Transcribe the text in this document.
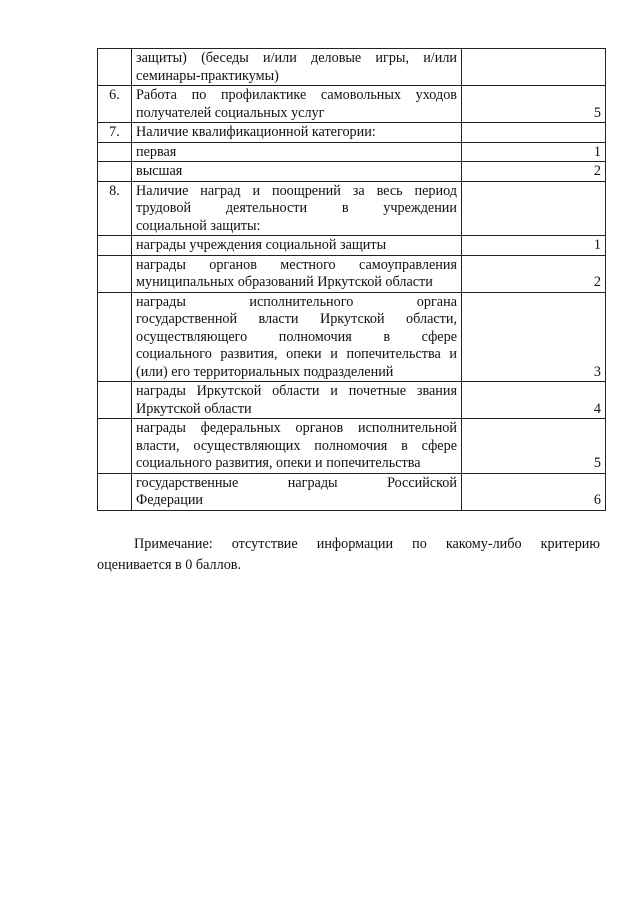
	защиты) (беседы и/или деловые игры, и/или
семинары-практикумы)	

6.	Работа по профилактике самовольных уходов
получателей социальных услуг	5
7.	Наличие квалификационной категории:	

	первая	1

	высшая	2
8.	Наличие наград и поощрений за весь период
трудовой деятельности в учреждении
социальной защиты:	

	награды учреждения социальной защиты	1

	награды органов местного самоуправления
муниципальных образований Иркутской области	2

	награды исполнительного органа
государственной власти Иркутской области,
осуществляющего полномочия в сфере
социального развития, опеки и попечительства и
(или) его территориальных подразделений	3

	награды Иркутской области и почетные звания
Иркутской области	4

	награды федеральных органов исполнительной
власти, осуществляющих полномочия в сфере
социального развития, опеки и попечительства	5

	государственные награды Российской
Федерации	6

Примечание: отсутствие информации по какому-либо критерию

оценивается в 0 баллов.
